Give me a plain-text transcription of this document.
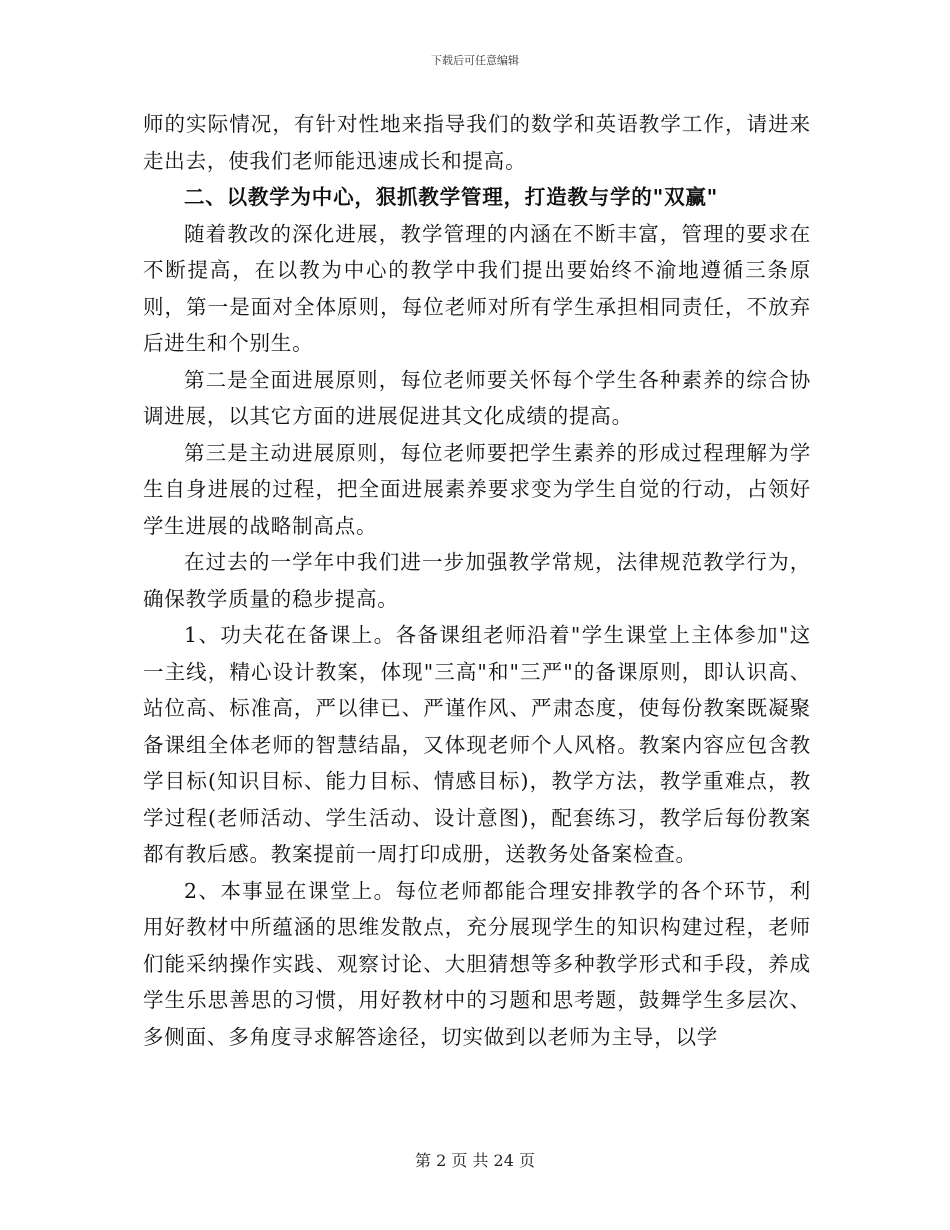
下载后可任意编辑

师的实际情况，有针对性地来指导我们的数学和英语教学工作，请进来走出去，使我们老师能迅速成长和提高。

二、以教学为中心，狠抓教学管理，打造教与学的"双赢"

随着教改的深化进展，教学管理的内涵在不断丰富，管理的要求在不断提高，在以教为中心的教学中我们提出要始终不渝地遵循三条原则，第一是面对全体原则，每位老师对所有学生承担相同责任，不放弃后进生和个别生。

第二是全面进展原则，每位老师要关怀每个学生各种素养的综合协调进展，以其它方面的进展促进其文化成绩的提高。

第三是主动进展原则，每位老师要把学生素养的形成过程理解为学生自身进展的过程，把全面进展素养要求变为学生自觉的行动，占领好学生进展的战略制高点。

在过去的一学年中我们进一步加强教学常规，法律规范教学行为，确保教学质量的稳步提高。

1、功夫花在备课上。各备课组老师沿着"学生课堂上主体参加"这一主线，精心设计教案，体现"三高"和"三严"的备课原则，即认识高、站位高、标准高，严以律已、严谨作风、严肃态度，使每份教案既凝聚备课组全体老师的智慧结晶，又体现老师个人风格。教案内容应包含教学目标(知识目标、能力目标、情感目标)，教学方法，教学重难点，教学过程(老师活动、学生活动、设计意图)，配套练习，教学后每份教案都有教后感。教案提前一周打印成册，送教务处备案检查。

2、本事显在课堂上。每位老师都能合理安排教学的各个环节，利用好教材中所蕴涵的思维发散点，充分展现学生的知识构建过程，老师们能采纳操作实践、观察讨论、大胆猜想等多种教学形式和手段，养成学生乐思善思的习惯，用好教材中的习题和思考题，鼓舞学生多层次、多侧面、多角度寻求解答途径，切实做到以老师为主导，以学

第 2 页 共 24 页
